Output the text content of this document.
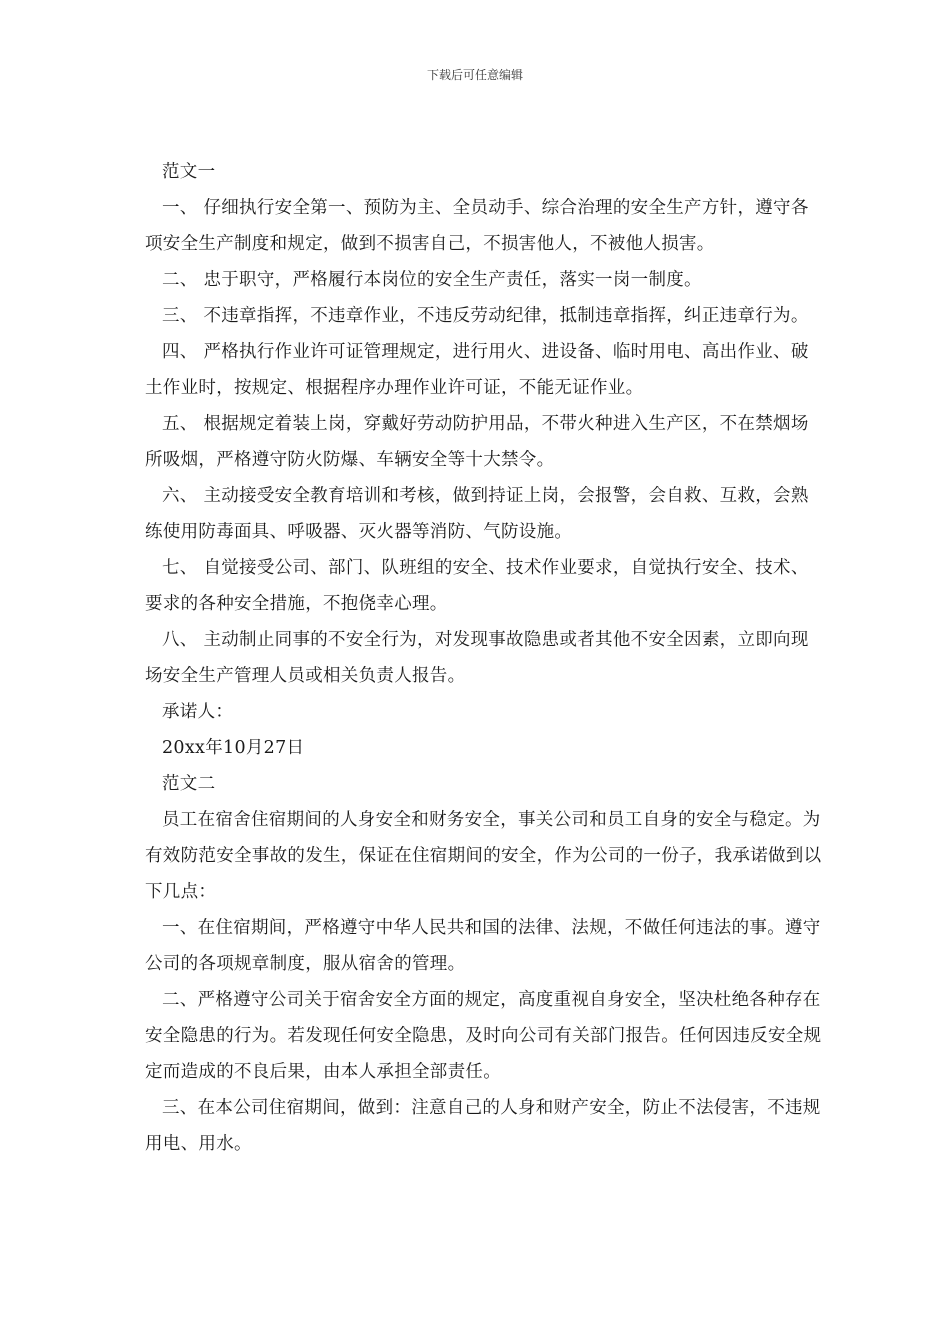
下载后可任意编辑

范文一

一、 仔细执行安全第一、预防为主、全员动手、综合治理的安全生产方针，遵守各项安全生产制度和规定，做到不损害自己，不损害他人，不被他人损害。

二、 忠于职守，严格履行本岗位的安全生产责任，落实一岗一制度。

三、 不违章指挥，不违章作业，不违反劳动纪律，抵制违章指挥，纠正违章行为。

四、 严格执行作业许可证管理规定，进行用火、进设备、临时用电、高出作业、破土作业时，按规定、根据程序办理作业许可证，不能无证作业。

五、 根据规定着装上岗，穿戴好劳动防护用品，不带火种进入生产区，不在禁烟场所吸烟，严格遵守防火防爆、车辆安全等十大禁令。

六、 主动接受安全教育培训和考核，做到持证上岗，会报警，会自救、互救，会熟练使用防毒面具、呼吸器、灭火器等消防、气防设施。

七、 自觉接受公司、部门、队班组的安全、技术作业要求，自觉执行安全、技术、要求的各种安全措施，不抱侥幸心理。

八、 主动制止同事的不安全行为，对发现事故隐患或者其他不安全因素，立即向现场安全生产管理人员或相关负责人报告。

承诺人：

20xx年10月27日

范文二

员工在宿舍住宿期间的人身安全和财务安全，事关公司和员工自身的安全与稳定。为有效防范安全事故的发生，保证在住宿期间的安全，作为公司的一份子，我承诺做到以下几点：

一、在住宿期间，严格遵守中华人民共和国的法律、法规，不做任何违法的事。遵守公司的各项规章制度，服从宿舍的管理。

二、严格遵守公司关于宿舍安全方面的规定，高度重视自身安全，坚决杜绝各种存在安全隐患的行为。若发现任何安全隐患，及时向公司有关部门报告。任何因违反安全规定而造成的不良后果，由本人承担全部责任。

三、在本公司住宿期间，做到：注意自己的人身和财产安全，防止不法侵害，不违规用电、用水。
